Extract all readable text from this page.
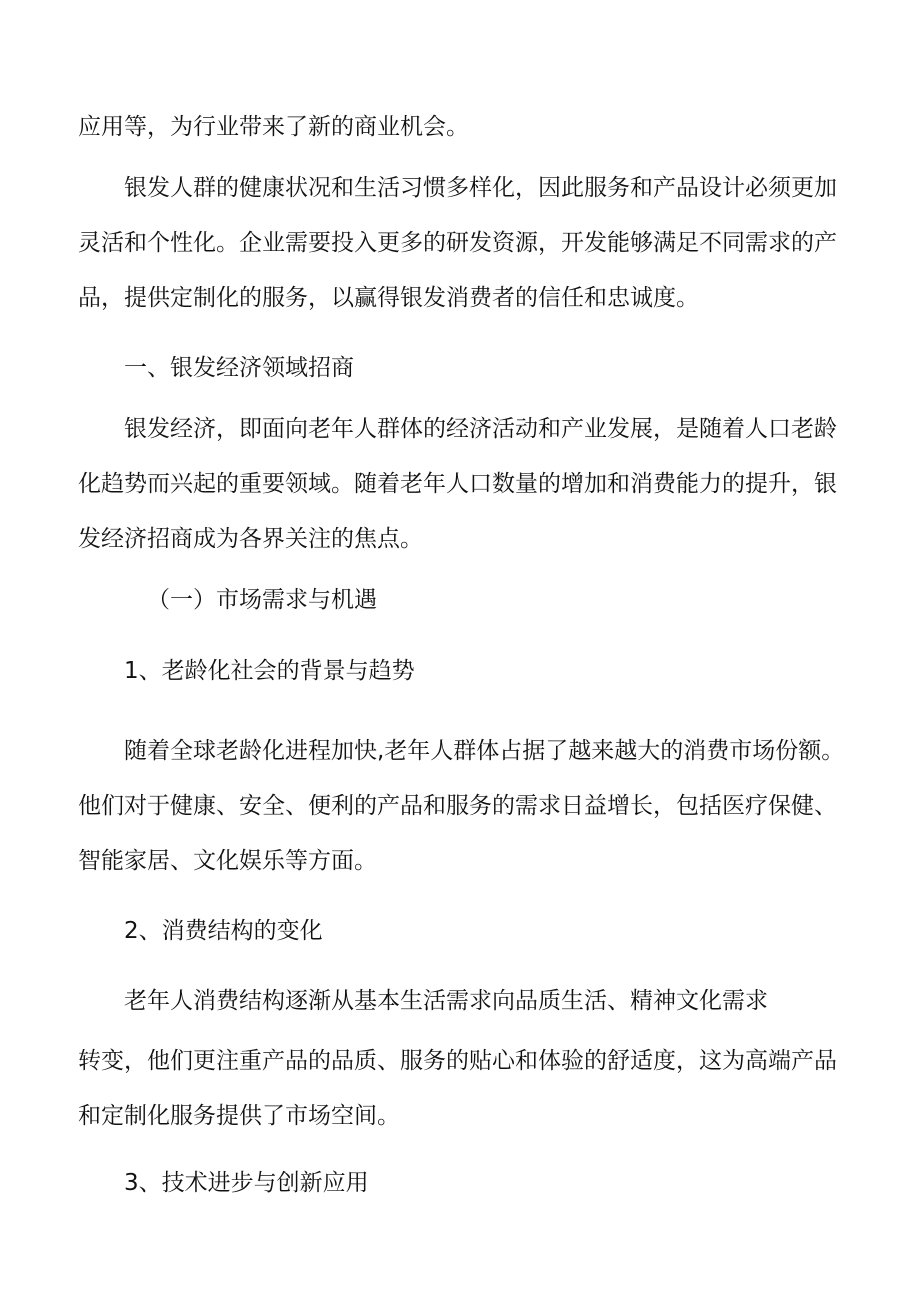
应用等，为行业带来了新的商业机会。

银发人群的健康状况和生活习惯多样化，因此服务和产品设计必须更加

灵活和个性化。企业需要投入更多的研发资源，开发能够满足不同需求的产

品，提供定制化的服务，以赢得银发消费者的信任和忠诚度。

一、银发经济领域招商

银发经济，即面向老年人群体的经济活动和产业发展，是随着人口老龄

化趋势而兴起的重要领域。随着老年人口数量的增加和消费能力的提升，银

发经济招商成为各界关注的焦点。

（一）市场需求与机遇

1、老龄化社会的背景与趋势

随着全球老龄化进程加快,老年人群体占据了越来越大的消费市场份额。

他们对于健康、安全、便利的产品和服务的需求日益增长，包括医疗保健、

智能家居、文化娱乐等方面。

2、消费结构的变化

老年人消费结构逐渐从基本生活需求向品质生活、精神文化需求

转变，他们更注重产品的品质、服务的贴心和体验的舒适度，这为高端产品

和定制化服务提供了市场空间。

3、技术进步与创新应用
